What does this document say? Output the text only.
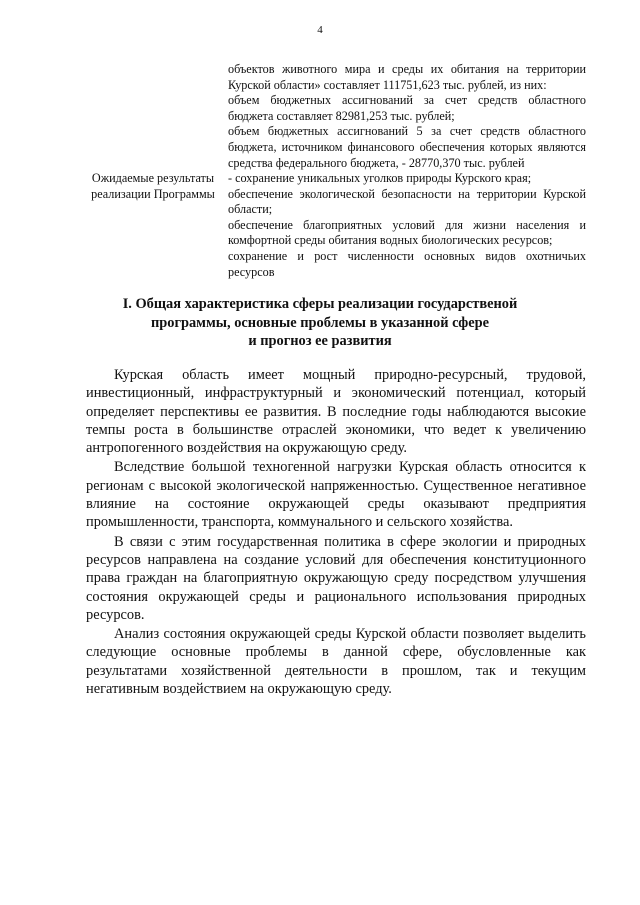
4

объектов животного мира и среды их обитания на территории Курской области» составляет 111751,623 тыс. рублей, из них:

объем бюджетных ассигнований за счет средств областного бюджета составляет 82981,253 тыс. рублей;

объем бюджетных ассигнований 5 за счет средств областного бюджета, источником финансового обеспечения которых являются средства федерального бюджета, - 28770,370 тыс. рублей

Ожидаемые результаты реализации Программы

- сохранение уникальных уголков природы Курского края;

обеспечение экологической безопасности на территории Курской области;

обеспечение благоприятных условий для жизни населения и комфортной среды обитания водных биологических ресурсов;

сохранение и рост численности основных видов охотничьих ресурсов

I. Общая характеристика сферы реализации государственой
программы, основные проблемы в указанной сфере
и прогноз ее развития

Курская область имеет мощный природно-ресурсный, трудовой, инвестиционный, инфраструктурный и экономический потенциал, который определяет перспективы ее развития. В последние годы наблюдаются высокие темпы роста в большинстве отраслей экономики, что ведет к увеличению антропогенного воздействия на окружающую среду.

Вследствие большой техногенной нагрузки Курская область относится к регионам с высокой экологической напряженностью. Существенное негативное влияние на состояние окружающей среды оказывают предприятия промышленности, транспорта, коммунального и сельского хозяйства.

В связи с этим государственная политика в сфере экологии и природных ресурсов направлена на создание условий для обеспечения конституционного права граждан на благоприятную окружающую среду посредством улучшения состояния окружающей среды и рационального использования природных ресурсов.

Анализ состояния окружающей среды Курской области позволяет выделить следующие основные проблемы в данной сфере, обусловленные как результатами хозяйственной деятельности в прошлом, так и текущим негативным воздействием на окружающую среду.
